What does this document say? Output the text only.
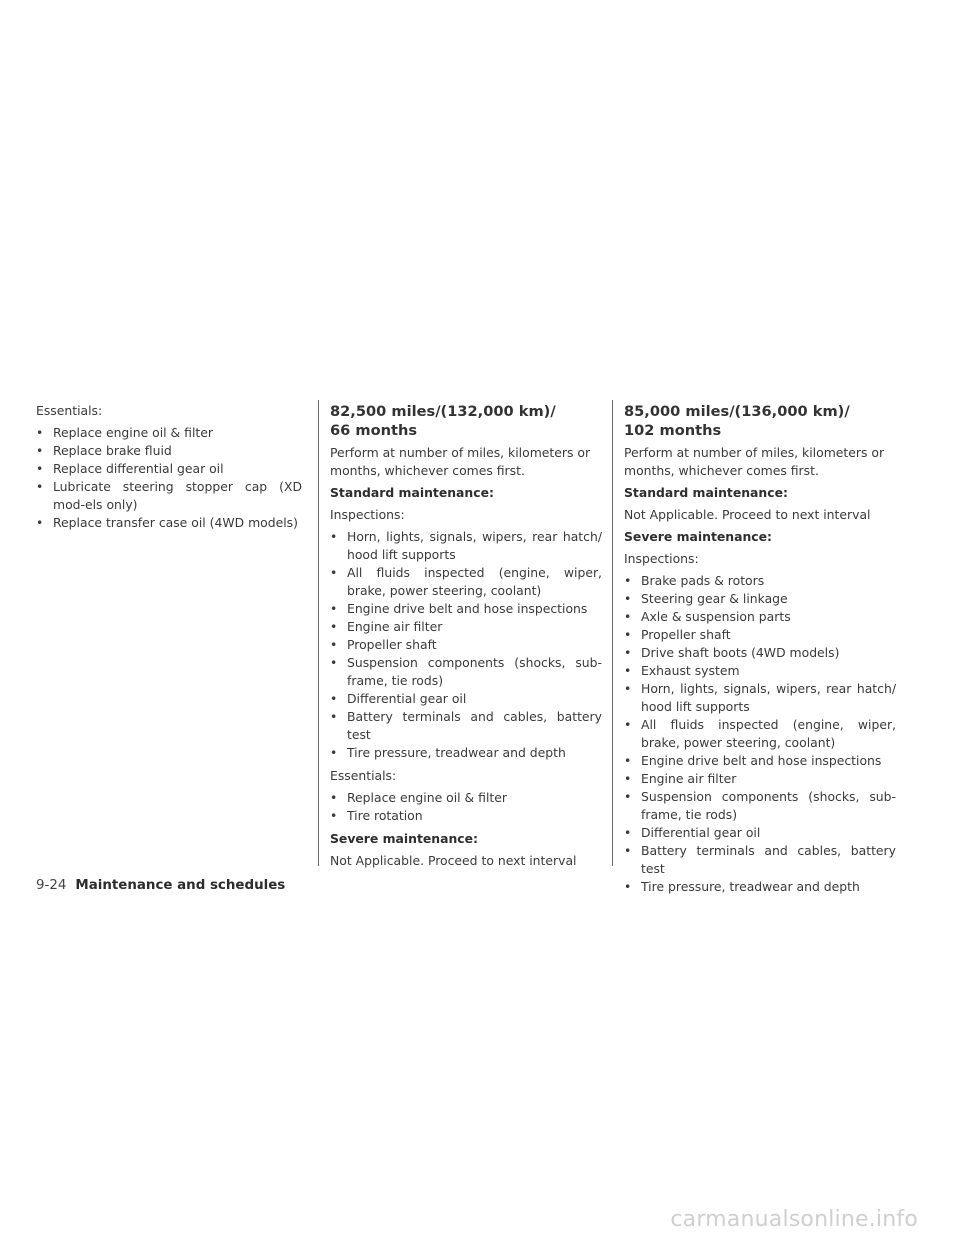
Essentials:

• Replace engine oil & filter
• Replace brake fluid
• Replace differential gear oil
• Lubricate steering stopper cap (XD mod-els only)
• Replace transfer case oil (4WD models)
82,500 miles/(132,000 km)/
66 months

Perform at number of miles, kilometers or months, whichever comes first.

Standard maintenance:

Inspections:

• Horn, lights, signals, wipers, rear hatch/ hood lift supports
• All fluids inspected (engine, wiper, brake, power steering, coolant)
• Engine drive belt and hose inspections
• Engine air filter
• Propeller shaft
• Suspension components (shocks, sub-frame, tie rods)
• Differential gear oil
• Battery terminals and cables, battery test
• Tire pressure, treadwear and depth

Essentials:

• Replace engine oil & filter
• Tire rotation

Severe maintenance:

Not Applicable. Proceed to next interval

85,000 miles/(136,000 km)/
102 months

Perform at number of miles, kilometers or months, whichever comes first.

Standard maintenance:

Not Applicable. Proceed to next interval

Severe maintenance:

Inspections:

• Brake pads & rotors
• Steering gear & linkage
• Axle & suspension parts
• Propeller shaft
• Drive shaft boots (4WD models)
• Exhaust system
• Horn, lights, signals, wipers, rear hatch/ hood lift supports
• All fluids inspected (engine, wiper, brake, power steering, coolant)
• Engine drive belt and hose inspections
• Engine air filter
• Suspension components (shocks, sub-frame, tie rods)
• Differential gear oil
• Battery terminals and cables, battery test
• Tire pressure, treadwear and depth
9-24 Maintenance and schedules
carmanualsonline.info
